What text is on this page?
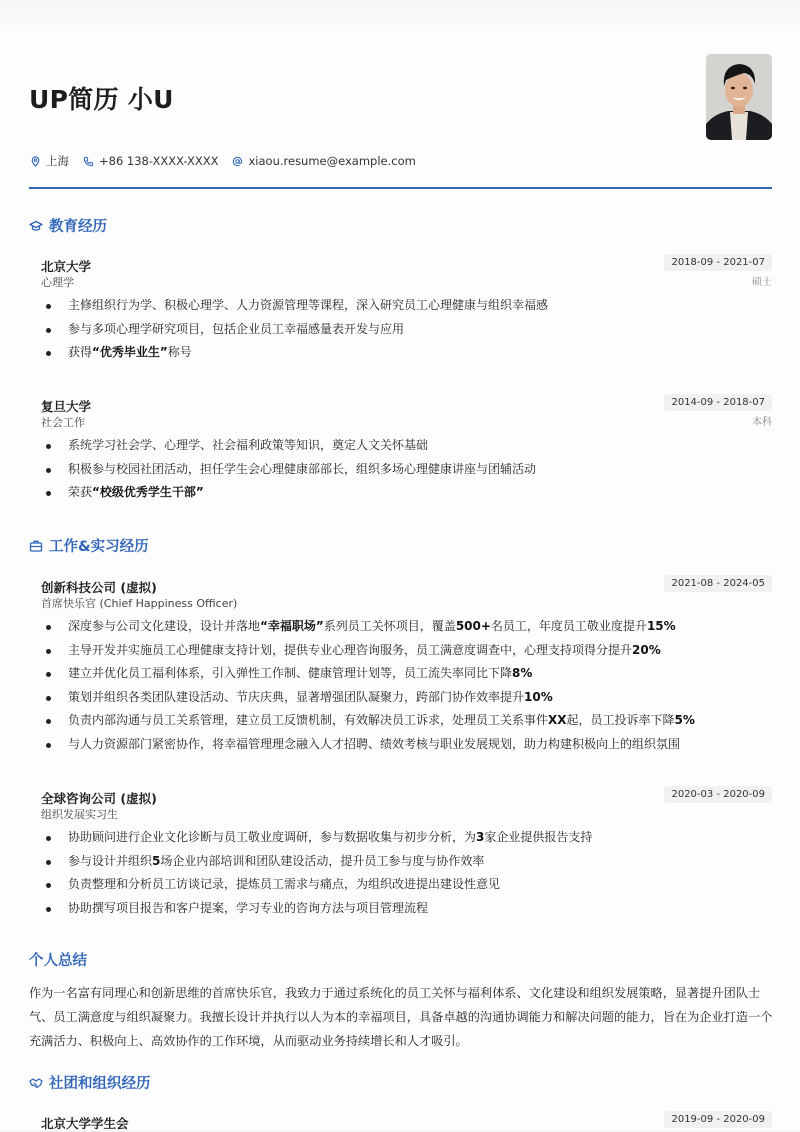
UP简历 小U
上海	+86 138-XXXX-XXXX	xiaou.resume@example.com
教育经历
北京大学	2018-09 - 2021-07
心理学	硕士
主修组织行为学、积极心理学、人力资源管理等课程，深入研究员工心理健康与组织幸福感
参与多项心理学研究项目，包括企业员工幸福感量表开发与应用
获得“优秀毕业生”称号
复旦大学	2014-09 - 2018-07
社会工作	本科
系统学习社会学、心理学、社会福利政策等知识，奠定人文关怀基础
积极参与校园社团活动，担任学生会心理健康部部长，组织多场心理健康讲座与团辅活动
荣获“校级优秀学生干部”
工作&实习经历
创新科技公司 (虚拟)	2021-08 - 2024-05
首席快乐官 (Chief Happiness Officer)
深度参与公司文化建设，设计并落地“幸福职场”系列员工关怀项目，覆盖500+名员工，年度员工敬业度提升15%
主导开发并实施员工心理健康支持计划，提供专业心理咨询服务，员工满意度调查中，心理支持项得分提升20%
建立并优化员工福利体系，引入弹性工作制、健康管理计划等，员工流失率同比下降8%
策划并组织各类团队建设活动、节庆庆典，显著增强团队凝聚力，跨部门协作效率提升10%
负责内部沟通与员工关系管理，建立员工反馈机制，有效解决员工诉求，处理员工关系事件XX起，员工投诉率下降5%
与人力资源部门紧密协作，将幸福管理理念融入人才招聘、绩效考核与职业发展规划，助力构建积极向上的组织氛围
全球咨询公司 (虚拟)	2020-03 - 2020-09
组织发展实习生
协助顾问进行企业文化诊断与员工敬业度调研，参与数据收集与初步分析，为3家企业提供报告支持
参与设计并组织5场企业内部培训和团队建设活动，提升员工参与度与协作效率
负责整理和分析员工访谈记录，提炼员工需求与痛点，为组织改进提出建设性意见
协助撰写项目报告和客户提案，学习专业的咨询方法与项目管理流程
个人总结
作为一名富有同理心和创新思维的首席快乐官，我致力于通过系统化的员工关怀与福利体系、文化建设和组织发展策略，显著提升团队士气、员工满意度与组织凝聚力。我擅长设计并执行以人为本的幸福项目，具备卓越的沟通协调能力和解决问题的能力，旨在为企业打造一个充满活力、积极向上、高效协作的工作环境，从而驱动业务持续增长和人才吸引。
社团和组织经历
北京大学学生会	2019-09 - 2020-09
